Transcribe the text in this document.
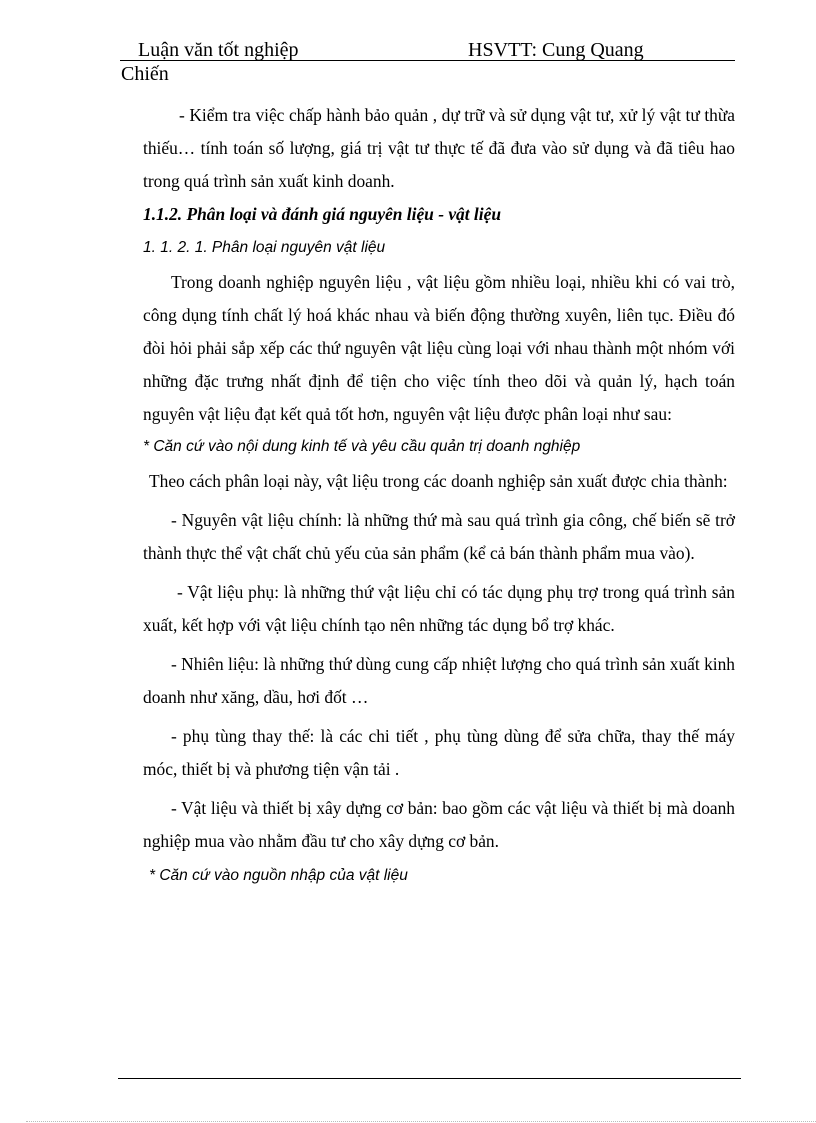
Luận văn tốt nghiệp	HSVTT: Cung Quang
Chiến

- Kiểm tra việc chấp hành bảo quản , dự trữ và sử dụng vật tư, xử lý vật tư thừa thiếu… tính toán số lượng, giá trị vật tư thực tế đã đưa vào sử dụng và đã tiêu hao trong quá trình sản xuất kinh doanh.

1.1.2. Phân loại và đánh giá nguyên liệu - vật liệu

1. 1. 2. 1. Phân loại nguyên vật liệu

Trong doanh nghiệp nguyên liệu , vật liệu gồm nhiều loại, nhiều khi có vai trò, công dụng tính chất lý hoá khác nhau và biến động thường xuyên, liên tục. Điều đó đòi hỏi phải sắp xếp các thứ nguyên vật liệu cùng loại với nhau thành một nhóm với những đặc trưng nhất định để tiện cho việc tính theo dõi và quản lý, hạch toán nguyên vật liệu đạt kết quả tốt hơn, nguyên vật liệu được phân loại như sau:

* Căn cứ vào nội dung kinh tế và yêu cầu quản trị doanh nghiệp

Theo cách phân loại này, vật liệu trong các doanh nghiệp sản xuất được chia thành:

- Nguyên vật liệu chính: là những thứ mà sau quá trình gia công, chế biến sẽ trở thành thực thể vật chất chủ yếu của sản phẩm (kể cả bán thành phẩm mua vào).

- Vật liệu phụ: là những thứ vật liệu chỉ có tác dụng phụ trợ trong quá trình sản xuất, kết hợp với vật liệu chính tạo nên những tác dụng bổ trợ khác.

- Nhiên liệu: là những thứ dùng cung cấp nhiệt lượng cho quá trình sản xuất kinh doanh như xăng, dầu, hơi đốt …

- phụ tùng thay thế: là các chi tiết , phụ tùng dùng để sửa chữa, thay thế máy móc, thiết bị và phương tiện vận tải .

- Vật liệu và thiết bị xây dựng cơ bản: bao gồm các vật liệu và thiết bị mà doanh nghiệp mua vào nhằm đầu tư cho xây dựng cơ bản.

* Căn cứ vào nguồn nhập của vật liệu
